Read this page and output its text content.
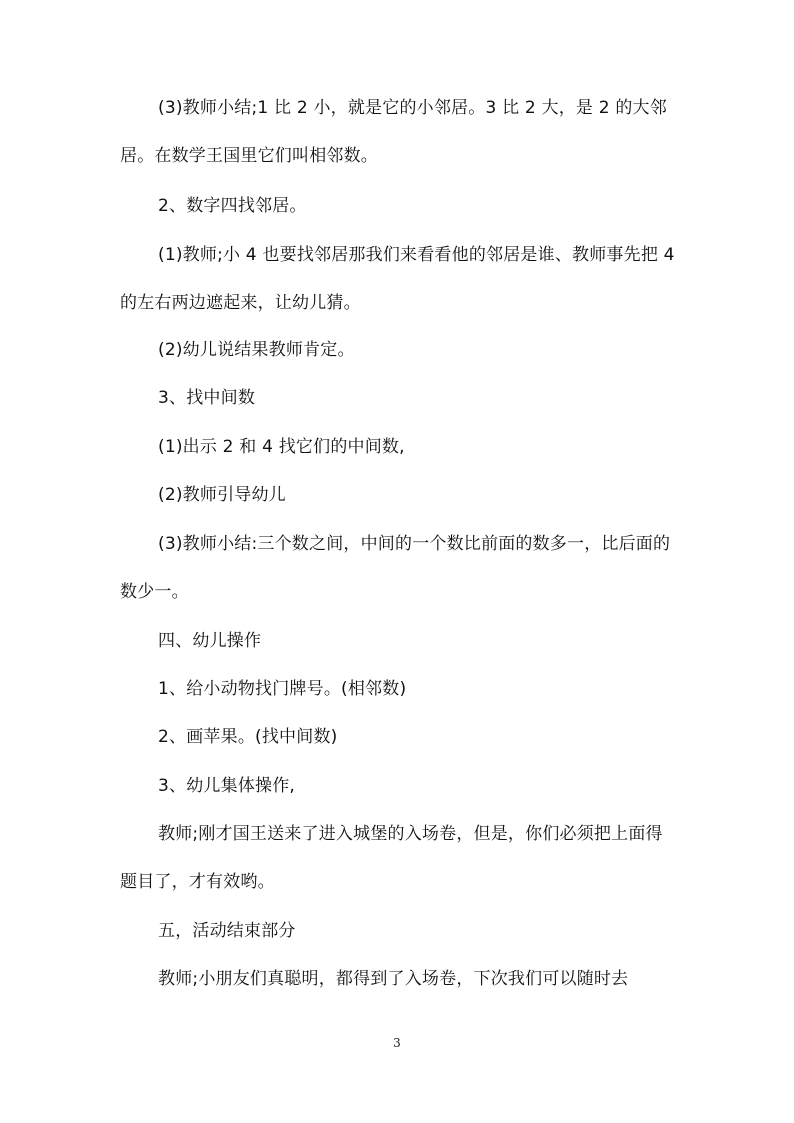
(3)教师小结;1 比 2 小，就是它的小邻居。3 比 2 大，是 2 的大邻居。在数学王国里它们叫相邻数。

2、数字四找邻居。

(1)教师;小 4 也要找邻居那我们来看看他的邻居是谁、教师事先把 4 的左右两边遮起来，让幼儿猜。

(2)幼儿说结果教师肯定。

3、找中间数

(1)出示 2 和 4 找它们的中间数,

(2)教师引导幼儿

(3)教师小结:三个数之间，中间的一个数比前面的数多一，比后面的数少一。

四、幼儿操作

1、给小动物找门牌号。(相邻数)

2、画苹果。(找中间数)

3、幼儿集体操作,

教师;刚才国王送来了进入城堡的入场卷，但是，你们必须把上面得题目了，才有效哟。

五，活动结束部分

教师;小朋友们真聪明，都得到了入场卷，下次我们可以随时去

3
